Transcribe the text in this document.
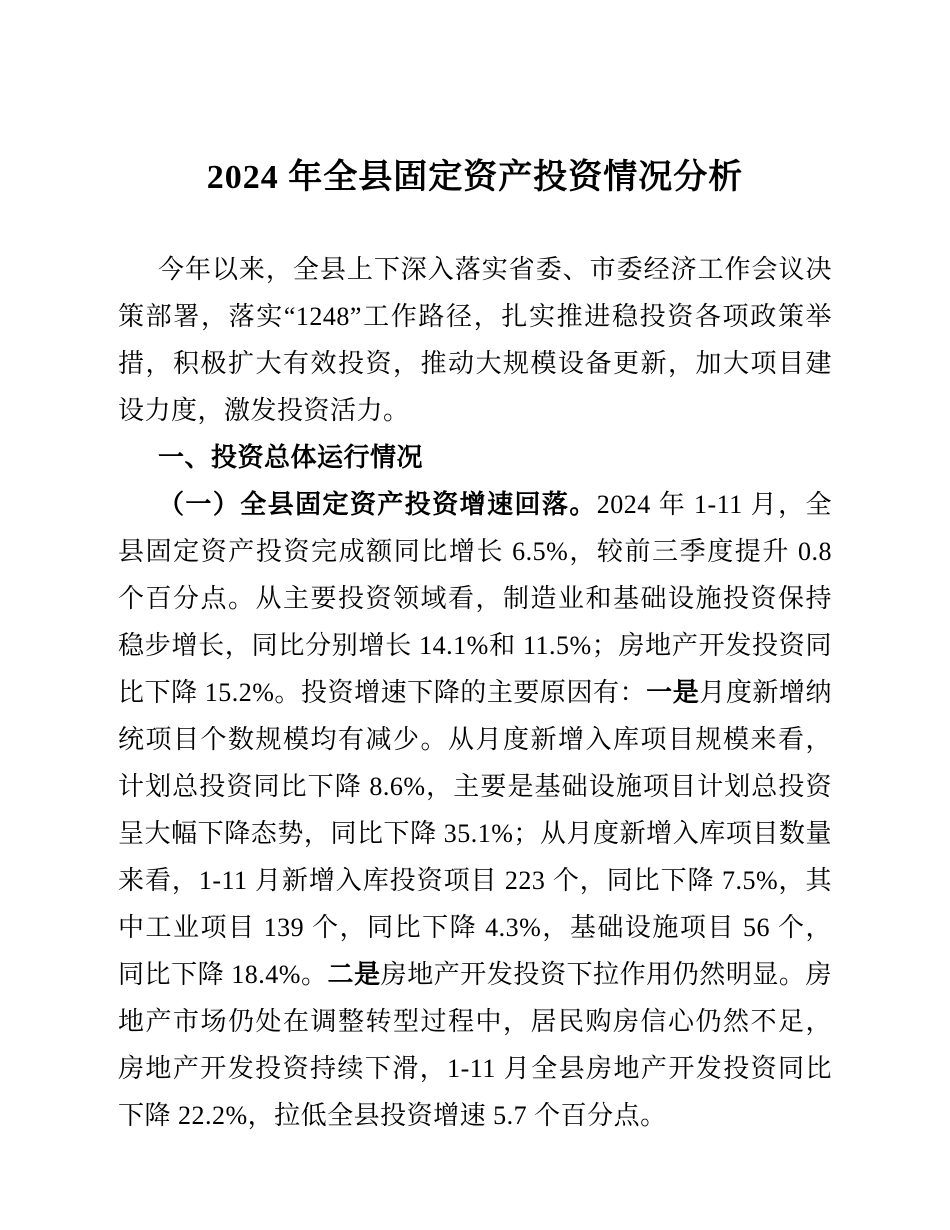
2024 年全县固定资产投资情况分析

今年以来，全县上下深入落实省委、市委经济工作会议决策部署，落实“1248”工作路径，扎实推进稳投资各项政策举措，积极扩大有效投资，推动大规模设备更新，加大项目建设力度，激发投资活力。

一、投资总体运行情况

（一）全县固定资产投资增速回落。2024 年 1-11 月，全县固定资产投资完成额同比增长 6.5%，较前三季度提升 0.8 个百分点。从主要投资领域看，制造业和基础设施投资保持稳步增长，同比分别增长 14.1%和 11.5%；房地产开发投资同比下降 15.2%。投资增速下降的主要原因有：一是月度新增纳统项目个数规模均有减少。从月度新增入库项目规模来看，计划总投资同比下降 8.6%，主要是基础设施项目计划总投资呈大幅下降态势，同比下降 35.1%；从月度新增入库项目数量来看，1-11 月新增入库投资项目 223 个，同比下降 7.5%，其中工业项目 139 个，同比下降 4.3%，基础设施项目 56 个，同比下降 18.4%。二是房地产开发投资下拉作用仍然明显。房地产市场仍处在调整转型过程中，居民购房信心仍然不足，房地产开发投资持续下滑，1-11 月全县房地产开发投资同比下降 22.2%，拉低全县投资增速 5.7 个百分点。
